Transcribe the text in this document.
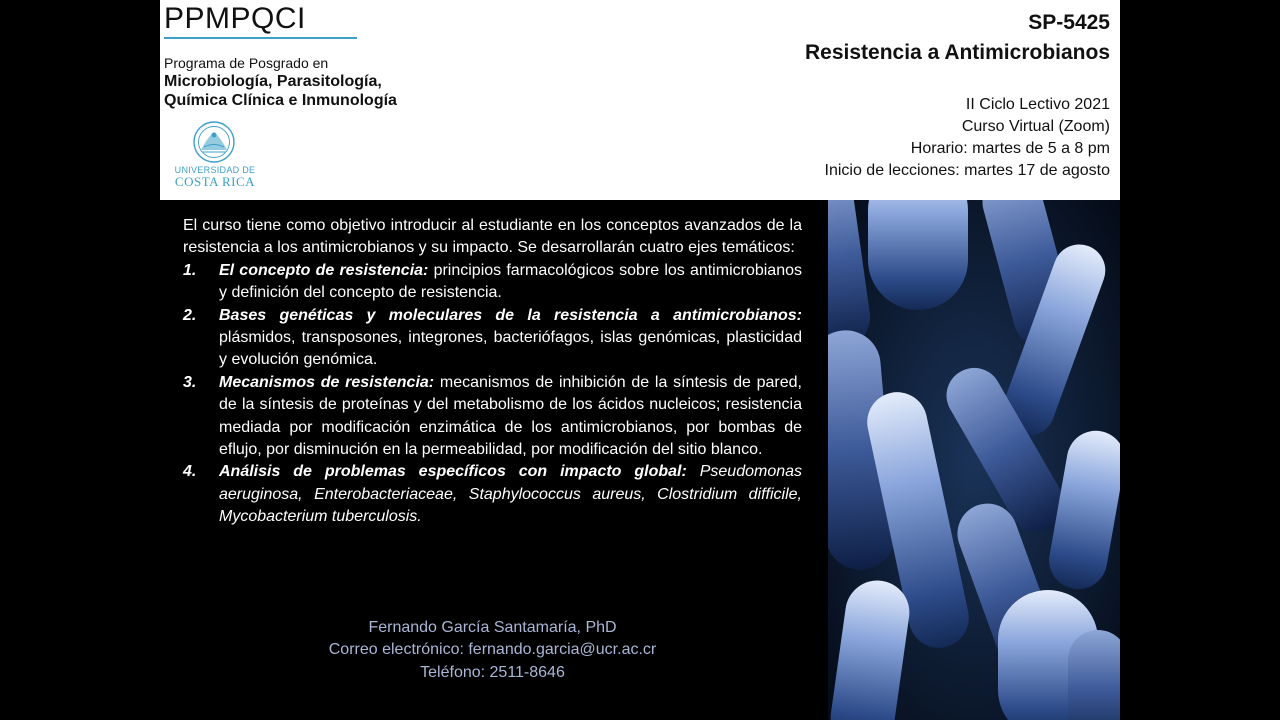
PPMPQCI
Programa de Posgrado en
Microbiología, Parasitología,
Química Clínica e Inmunología
UNIVERSIDAD DE
COSTA RICA
SP-5425
Resistencia a Antimicrobianos
II Ciclo Lectivo 2021
Curso Virtual (Zoom)
Horario: martes de 5 a 8 pm
Inicio de lecciones: martes 17 de agosto

El curso tiene como objetivo introducir al estudiante en los conceptos avanzados de la resistencia a los antimicrobianos y su impacto. Se desarrollarán cuatro ejes temáticos:

1. El concepto de resistencia: principios farmacológicos sobre los antimicrobianos y definición del concepto de resistencia.
2. Bases genéticas y moleculares de la resistencia a antimicrobianos: plásmidos, transposones, integrones, bacteriófagos, islas genómicas, plasticidad y evolución genómica.
3. Mecanismos de resistencia: mecanismos de inhibición de la síntesis de pared, de la síntesis de proteínas y del metabolismo de los ácidos nucleicos; resistencia mediada por modificación enzimática de los antimicrobianos, por bombas de eflujo, por disminución en la permeabilidad, por modificación del sitio blanco.
4. Análisis de problemas específicos con impacto global: Pseudomonas aeruginosa, Enterobacteriaceae, Staphylococcus aureus, Clostridium difficile, Mycobacterium tuberculosis.
Fernando García Santamaría, PhD
Correo electrónico: fernando.garcia@ucr.ac.cr
Teléfono: 2511-8646
